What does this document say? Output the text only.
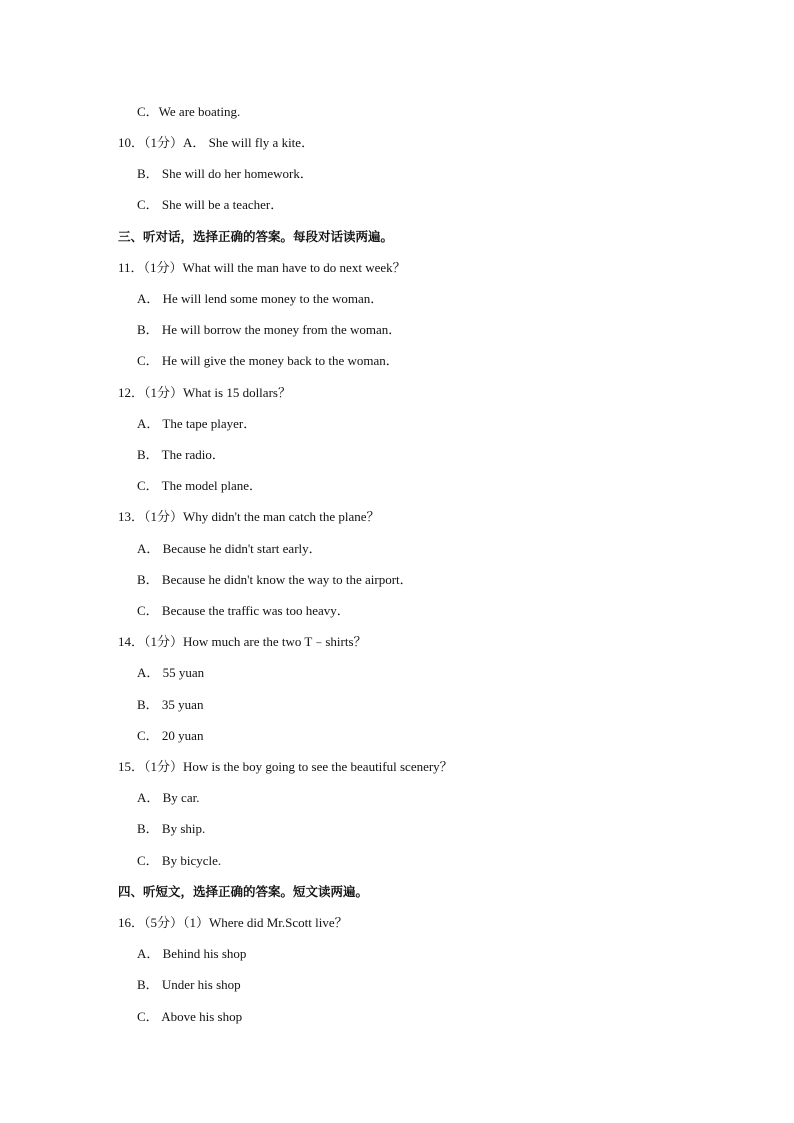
C．We are boating.
10．（1分）A． She will fly a kite．
B． She will do her homework．
C． She will be a teacher．
三、听对话，选择正确的答案。每段对话读两遍。
11．（1分）What will the man have to do next week？
A． He will lend some money to the woman．
B． He will borrow the money from the woman．
C． He will give the money back to the woman．
12．（1分）What is 15 dollars？
A． The tape player．
B． The radio．
C． The model plane．
13．（1分）Why didn't the man catch the plane？
A． Because he didn't start early．
B． Because he didn't know the way to the airport．
C． Because the traffic was too heavy．
14．（1分）How much are the two T﹣shirts？
A． 55 yuan
B． 35 yuan
C． 20 yuan
15．（1分）How is the boy going to see the beautiful scenery？
A． By car.
B． By ship.
C． By bicycle.
四、听短文，选择正确的答案。短文读两遍。
16．（5分）（1）Where did Mr.Scott live？
A． Behind his shop
B． Under his shop
C． Above his shop
